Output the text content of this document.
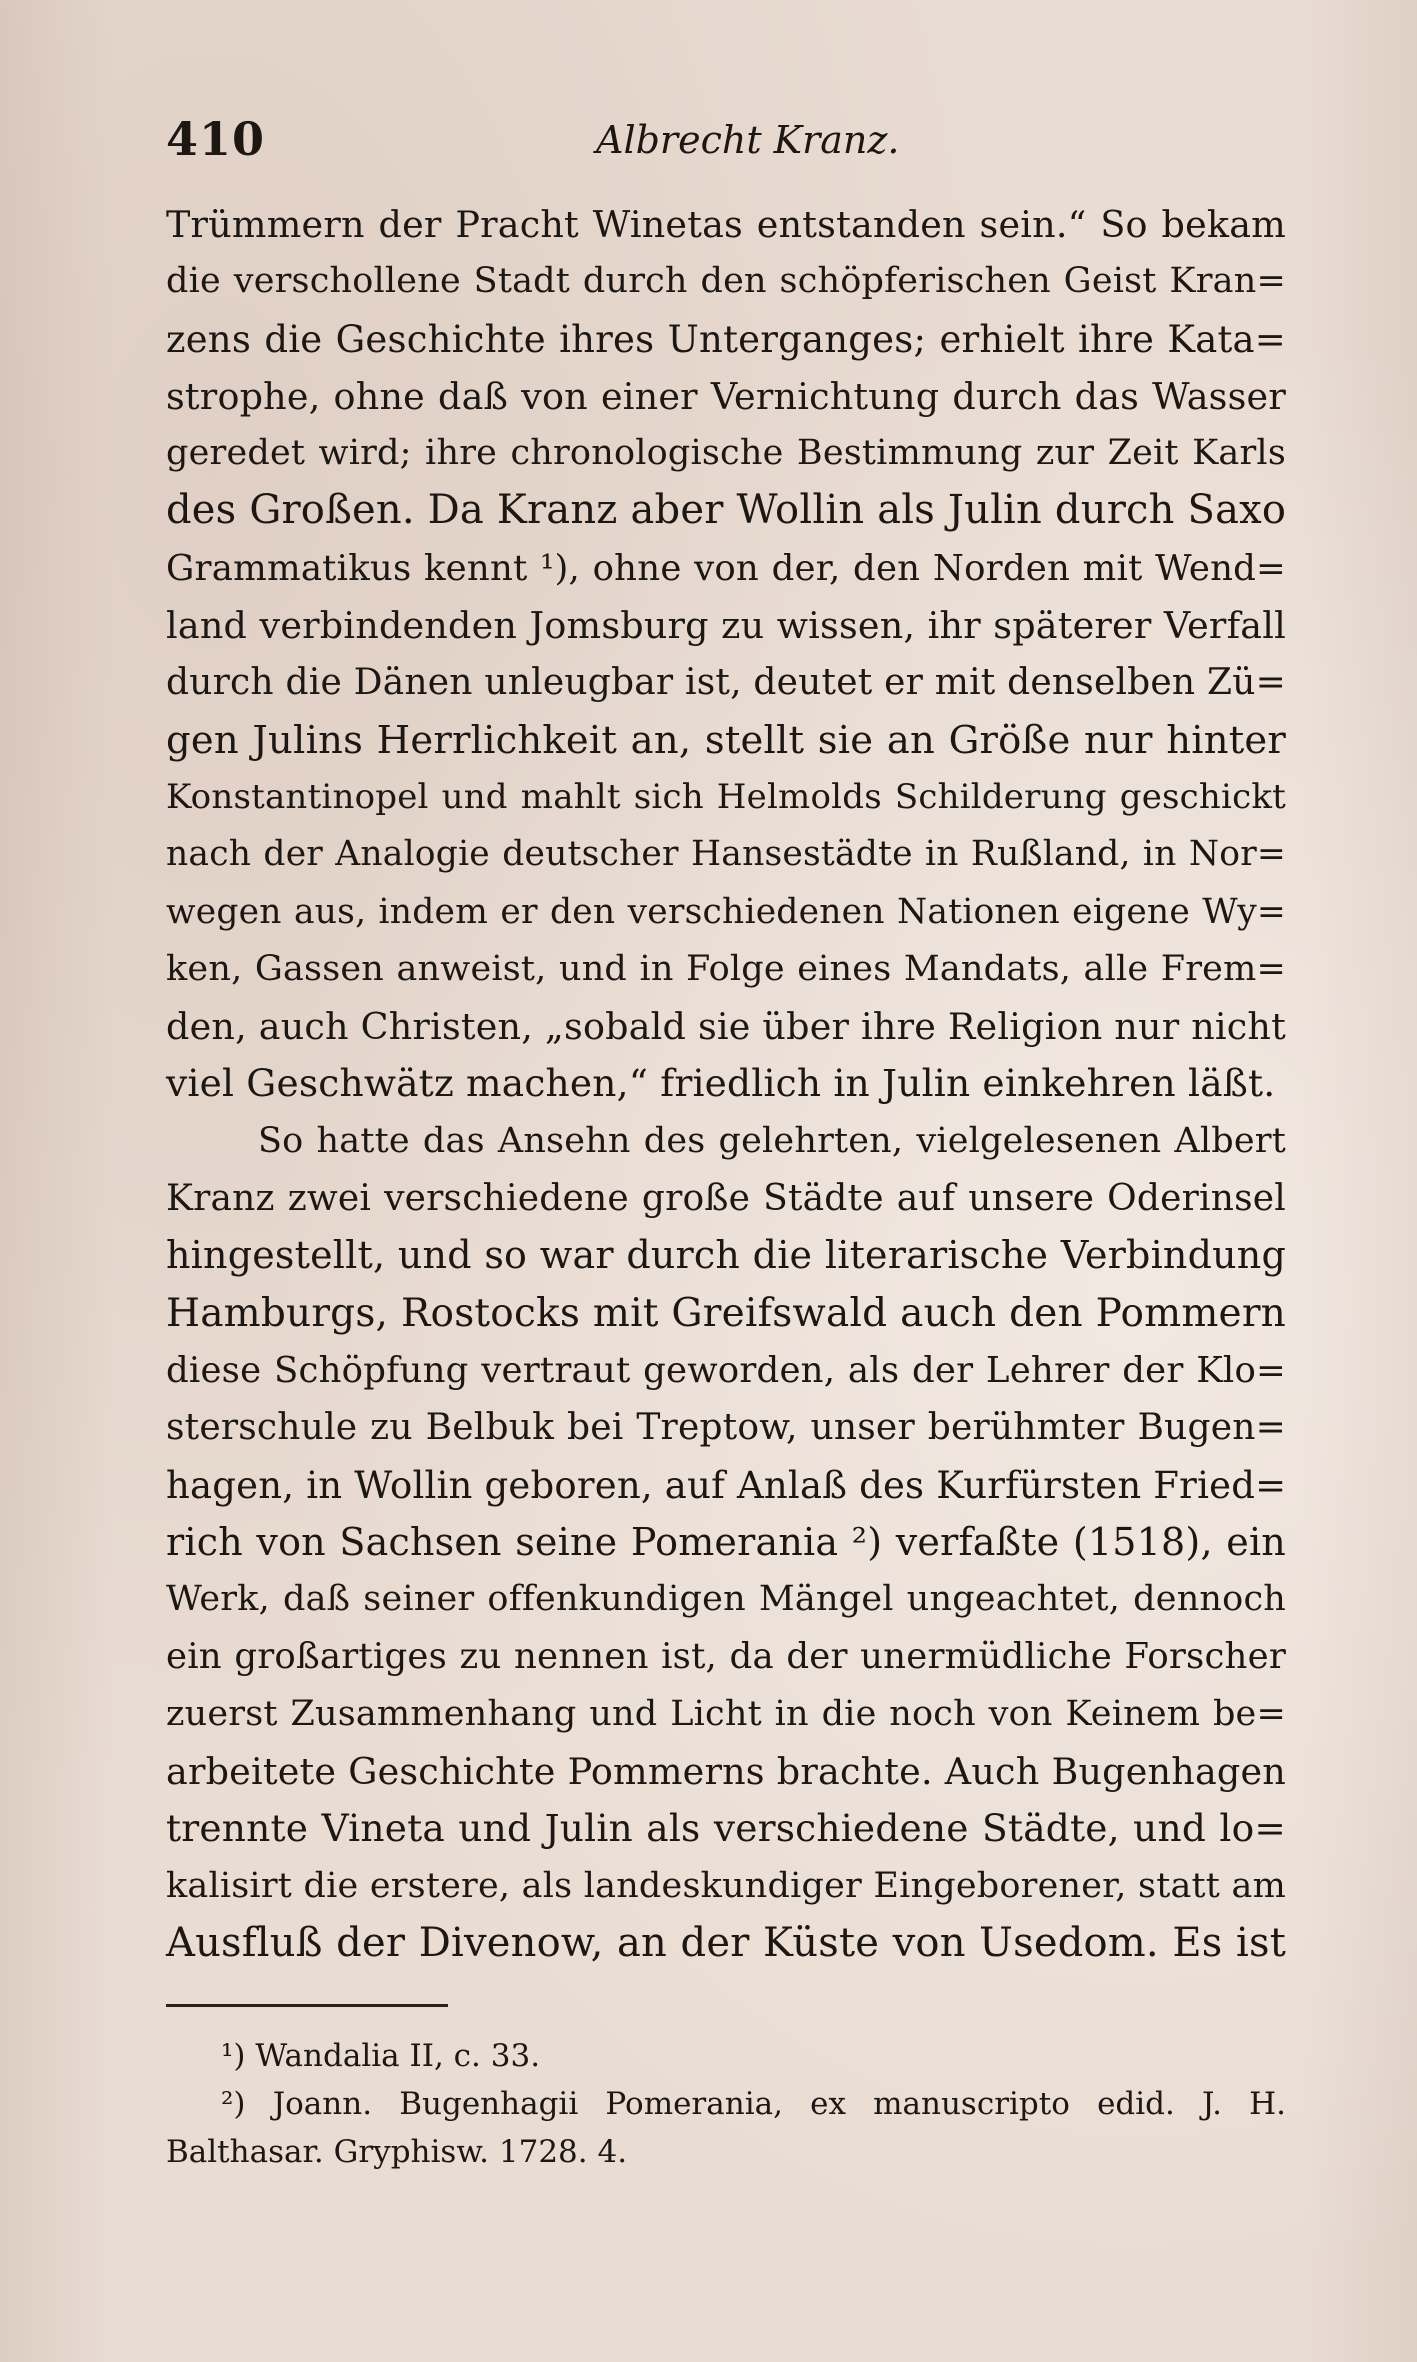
410	Albrecht Kranz.
Trümmern der Pracht Winetas entstanden sein.“ So bekam
die verschollene Stadt durch den schöpferischen Geist Kran=
zens die Geschichte ihres Unterganges; erhielt ihre Kata=
strophe, ohne daß von einer Vernichtung durch das Wasser
geredet wird; ihre chronologische Bestimmung zur Zeit Karls
des Großen. Da Kranz aber Wollin als Julin durch Saxo
Grammatikus kennt ¹), ohne von der, den Norden mit Wend=
land verbindenden Jomsburg zu wissen, ihr späterer Verfall
durch die Dänen unleugbar ist, deutet er mit denselben Zü=
gen Julins Herrlichkeit an, stellt sie an Größe nur hinter
Konstantinopel und mahlt sich Helmolds Schilderung geschickt
nach der Analogie deutscher Hansestädte in Rußland, in Nor=
wegen aus, indem er den verschiedenen Nationen eigene Wy=
ken, Gassen anweist, und in Folge eines Mandats, alle Frem=
den, auch Christen, „sobald sie über ihre Religion nur nicht
viel Geschwätz machen,“ friedlich in Julin einkehren läßt.
So hatte das Ansehn des gelehrten, vielgelesenen Albert
Kranz zwei verschiedene große Städte auf unsere Oderinsel
hingestellt, und so war durch die literarische Verbindung
Hamburgs, Rostocks mit Greifswald auch den Pommern
diese Schöpfung vertraut geworden, als der Lehrer der Klo=
sterschule zu Belbuk bei Treptow, unser berühmter Bugen=
hagen, in Wollin geboren, auf Anlaß des Kurfürsten Fried=
rich von Sachsen seine Pomerania ²) verfaßte (1518), ein
Werk, daß seiner offenkundigen Mängel ungeachtet, dennoch
ein großartiges zu nennen ist, da der unermüdliche Forscher
zuerst Zusammenhang und Licht in die noch von Keinem be=
arbeitete Geschichte Pommerns brachte. Auch Bugenhagen
trennte Vineta und Julin als verschiedene Städte, und lo=
kalisirt die erstere, als landeskundiger Eingeborener, statt am
Ausfluß der Divenow, an der Küste von Usedom. Es ist
¹) Wandalia II, c. 33.
²) Joann. Bugenhagii Pomerania, ex manuscripto edid. J. H.
Balthasar. Gryphisw. 1728. 4.
